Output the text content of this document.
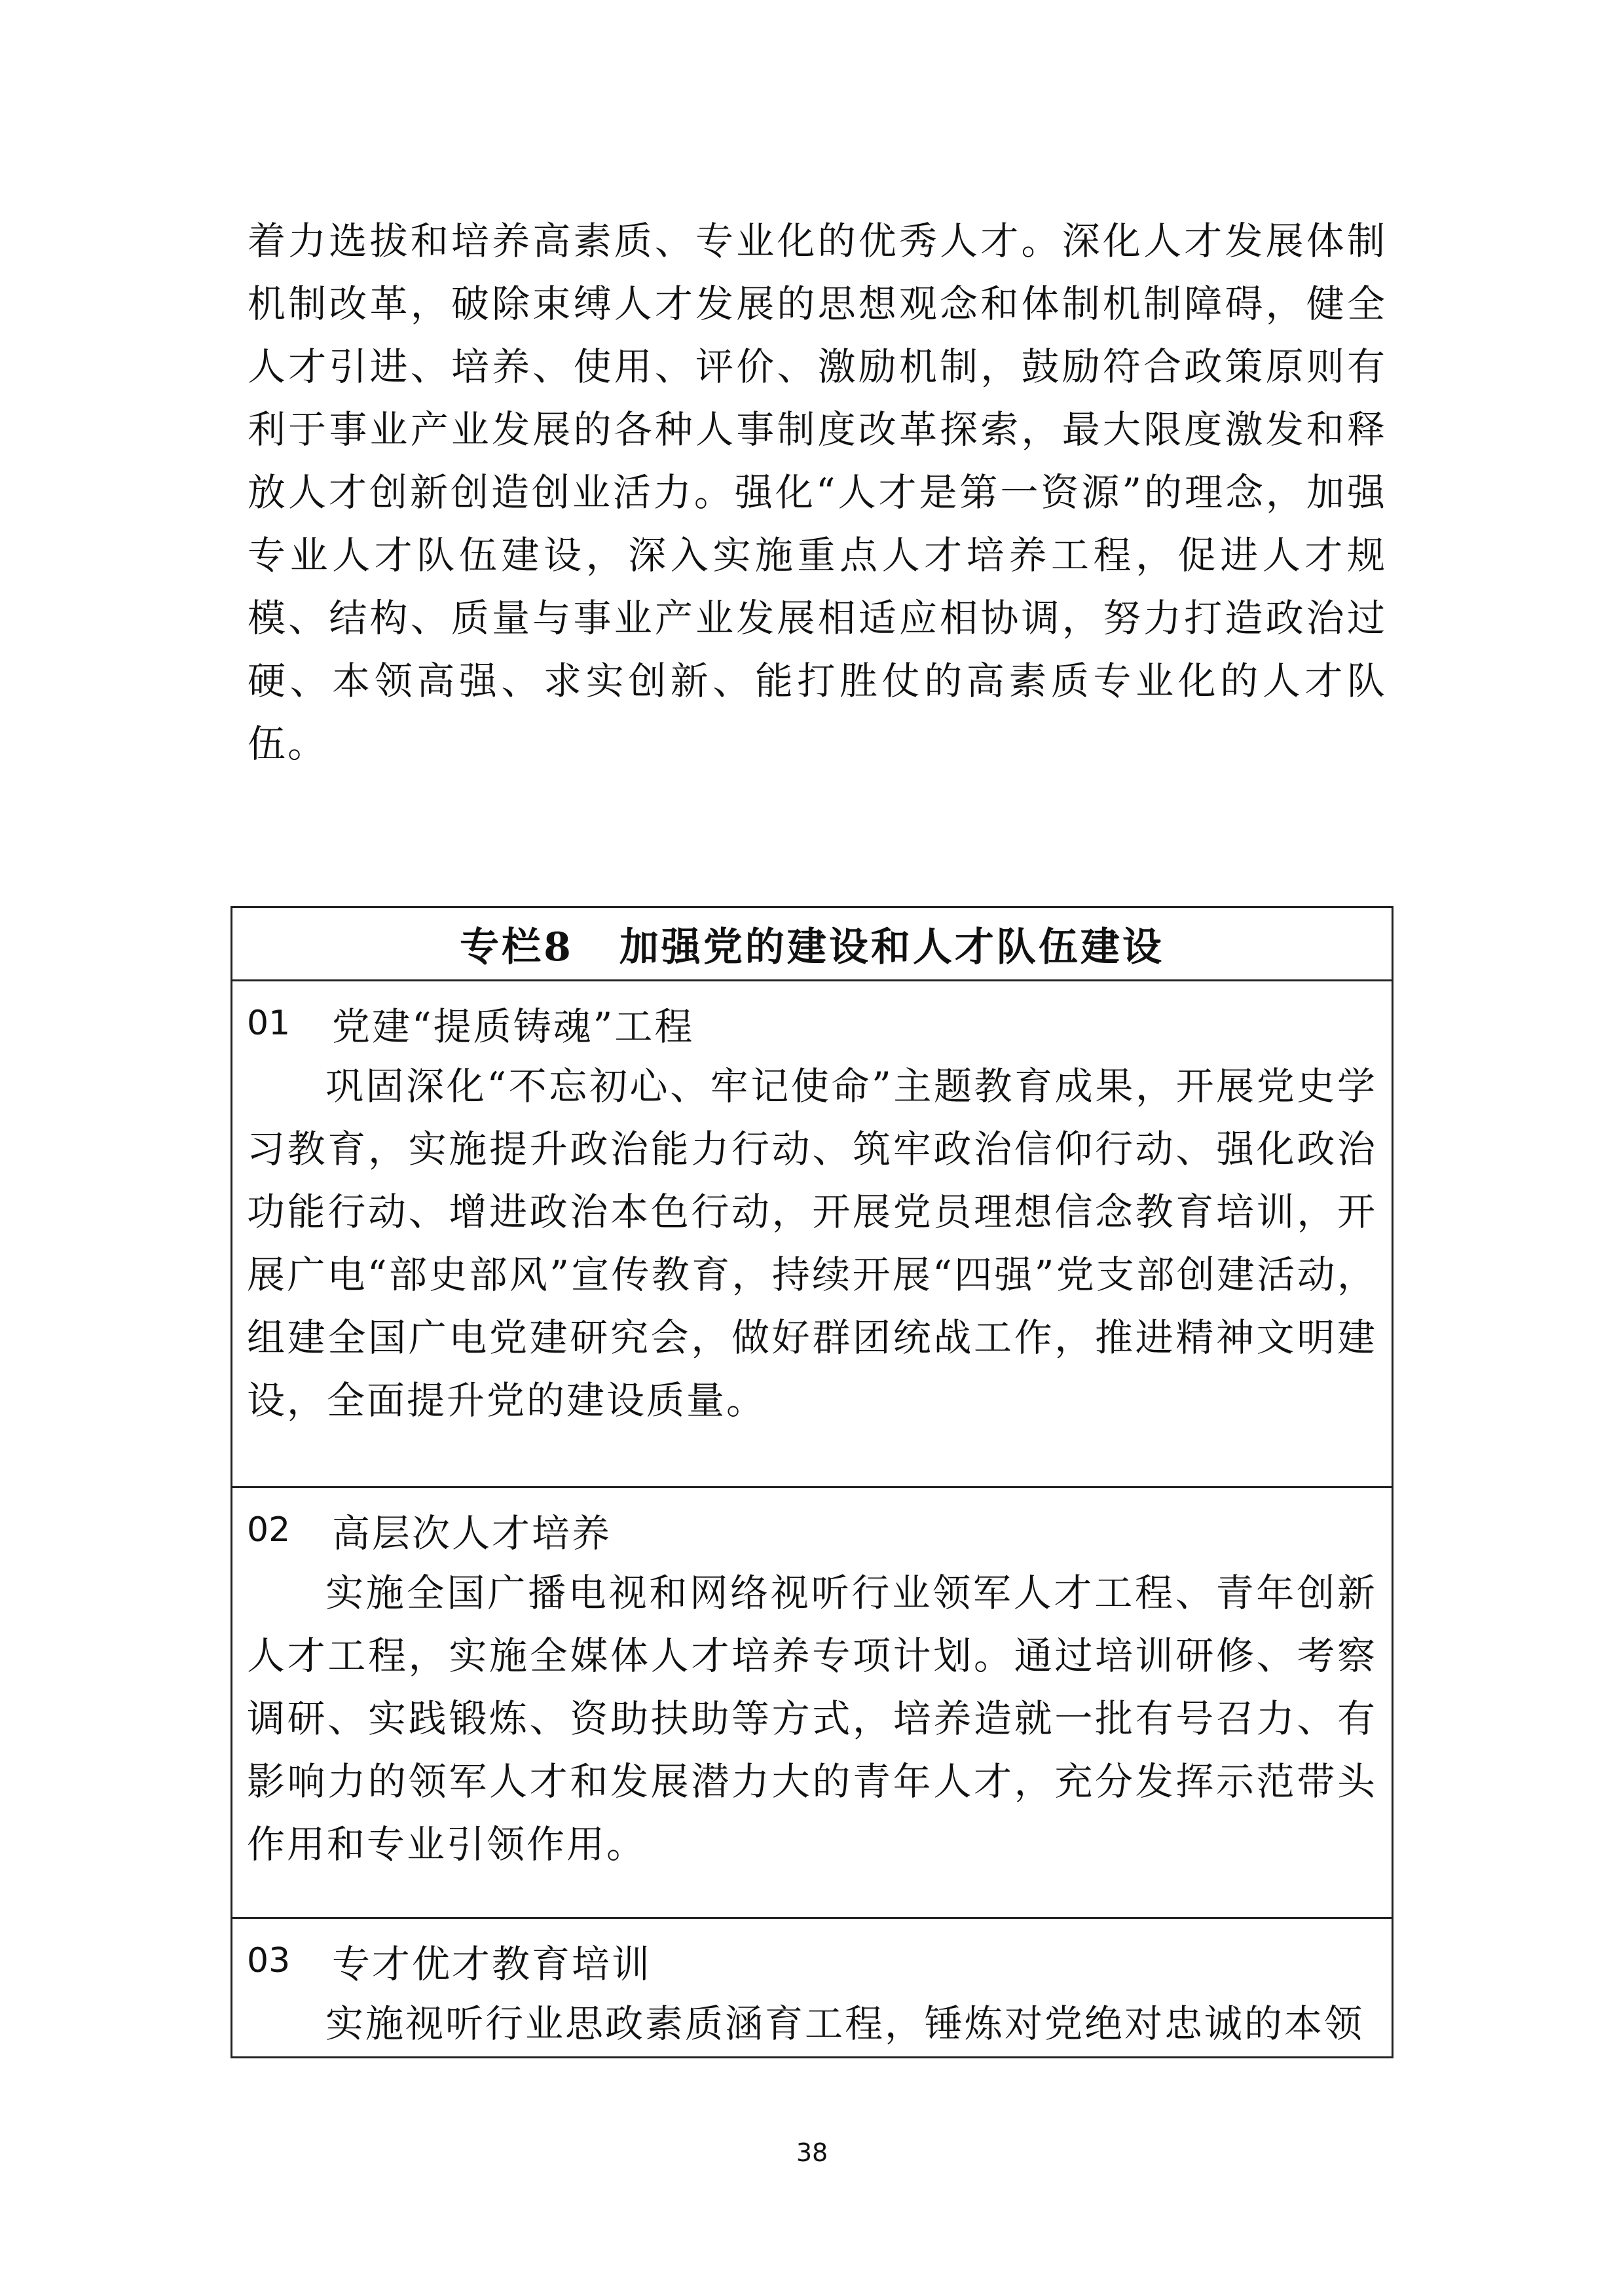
着力选拔和培养高素质、专业化的优秀人才。深化人才发展体制机制改革，破除束缚人才发展的思想观念和体制机制障碍，健全人才引进、培养、使用、评价、激励机制，鼓励符合政策原则有利于事业产业发展的各种人事制度改革探索，最大限度激发和释放人才创新创造创业活力。强化“人才是第一资源”的理念，加强专业人才队伍建设，深入实施重点人才培养工程，促进人才规模、结构、质量与事业产业发展相适应相协调，努力打造政治过硬、本领高强、求实创新、能打胜仗的高素质专业化的人才队伍。

专栏8 加强党的建设和人才队伍建设
01	党建“提质铸魂”工程

巩固深化“不忘初心、牢记使命”主题教育成果，开展党史学习教育，实施提升政治能力行动、筑牢政治信仰行动、强化政治功能行动、增进政治本色行动，开展党员理想信念教育培训，开展广电“部史部风”宣传教育，持续开展“四强”党支部创建活动，组建全国广电党建研究会，做好群团统战工作，推进精神文明建设，全面提升党的建设质量。

02	高层次人才培养

实施全国广播电视和网络视听行业领军人才工程、青年创新人才工程，实施全媒体人才培养专项计划。通过培训研修、考察调研、实践锻炼、资助扶助等方式，培养造就一批有号召力、有影响力的领军人才和发展潜力大的青年人才，充分发挥示范带头作用和专业引领作用。

03	专才优才教育培训

实施视听行业思政素质涵育工程，锤炼对党绝对忠诚的本领

38
